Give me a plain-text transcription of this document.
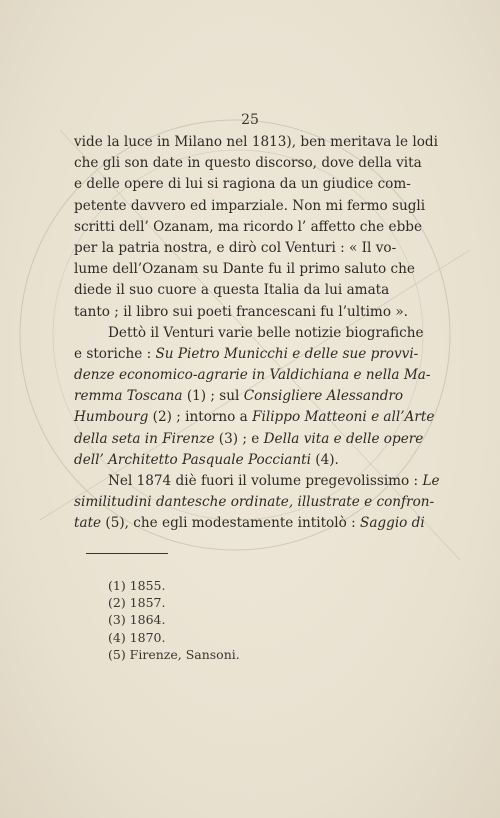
25
vide la luce in Milano nel 1813), ben meritava le lodi
che gli son date in questo discorso, dove della vita
e delle opere di lui si ragiona da un giudice com-
petente davvero ed imparziale. Non mi fermo sugli
scritti dell’ Ozanam, ma ricordo l’ affetto che ebbe
per la patria nostra, e dirò col Venturi : « Il vo-
lume dell’Ozanam su Dante fu il primo saluto che
diede il suo cuore a questa Italia da lui amata
tanto ; il libro sui poeti francescani fu l’ultimo ».
Dettò il Venturi varie belle notizie biografiche
e storiche : Su Pietro Municchi e delle sue provvi-
denze economico-agrarie in Valdichiana e nella Ma-
remma Toscana (1) ; sul Consigliere Alessandro
Humbourg (2) ; intorno a Filippo Matteoni e all’Arte
della seta in Firenze (3) ; e Della vita e delle opere
dell’ Architetto Pasquale Poccianti (4).
Nel 1874 diè fuori il volume pregevolissimo : Le
similitudini dantesche ordinate, illustrate e confron-
tate (5), che egli modestamente intitolò : Saggio di
(1) 1855.
(2) 1857.
(3) 1864.
(4) 1870.
(5) Firenze, Sansoni.
